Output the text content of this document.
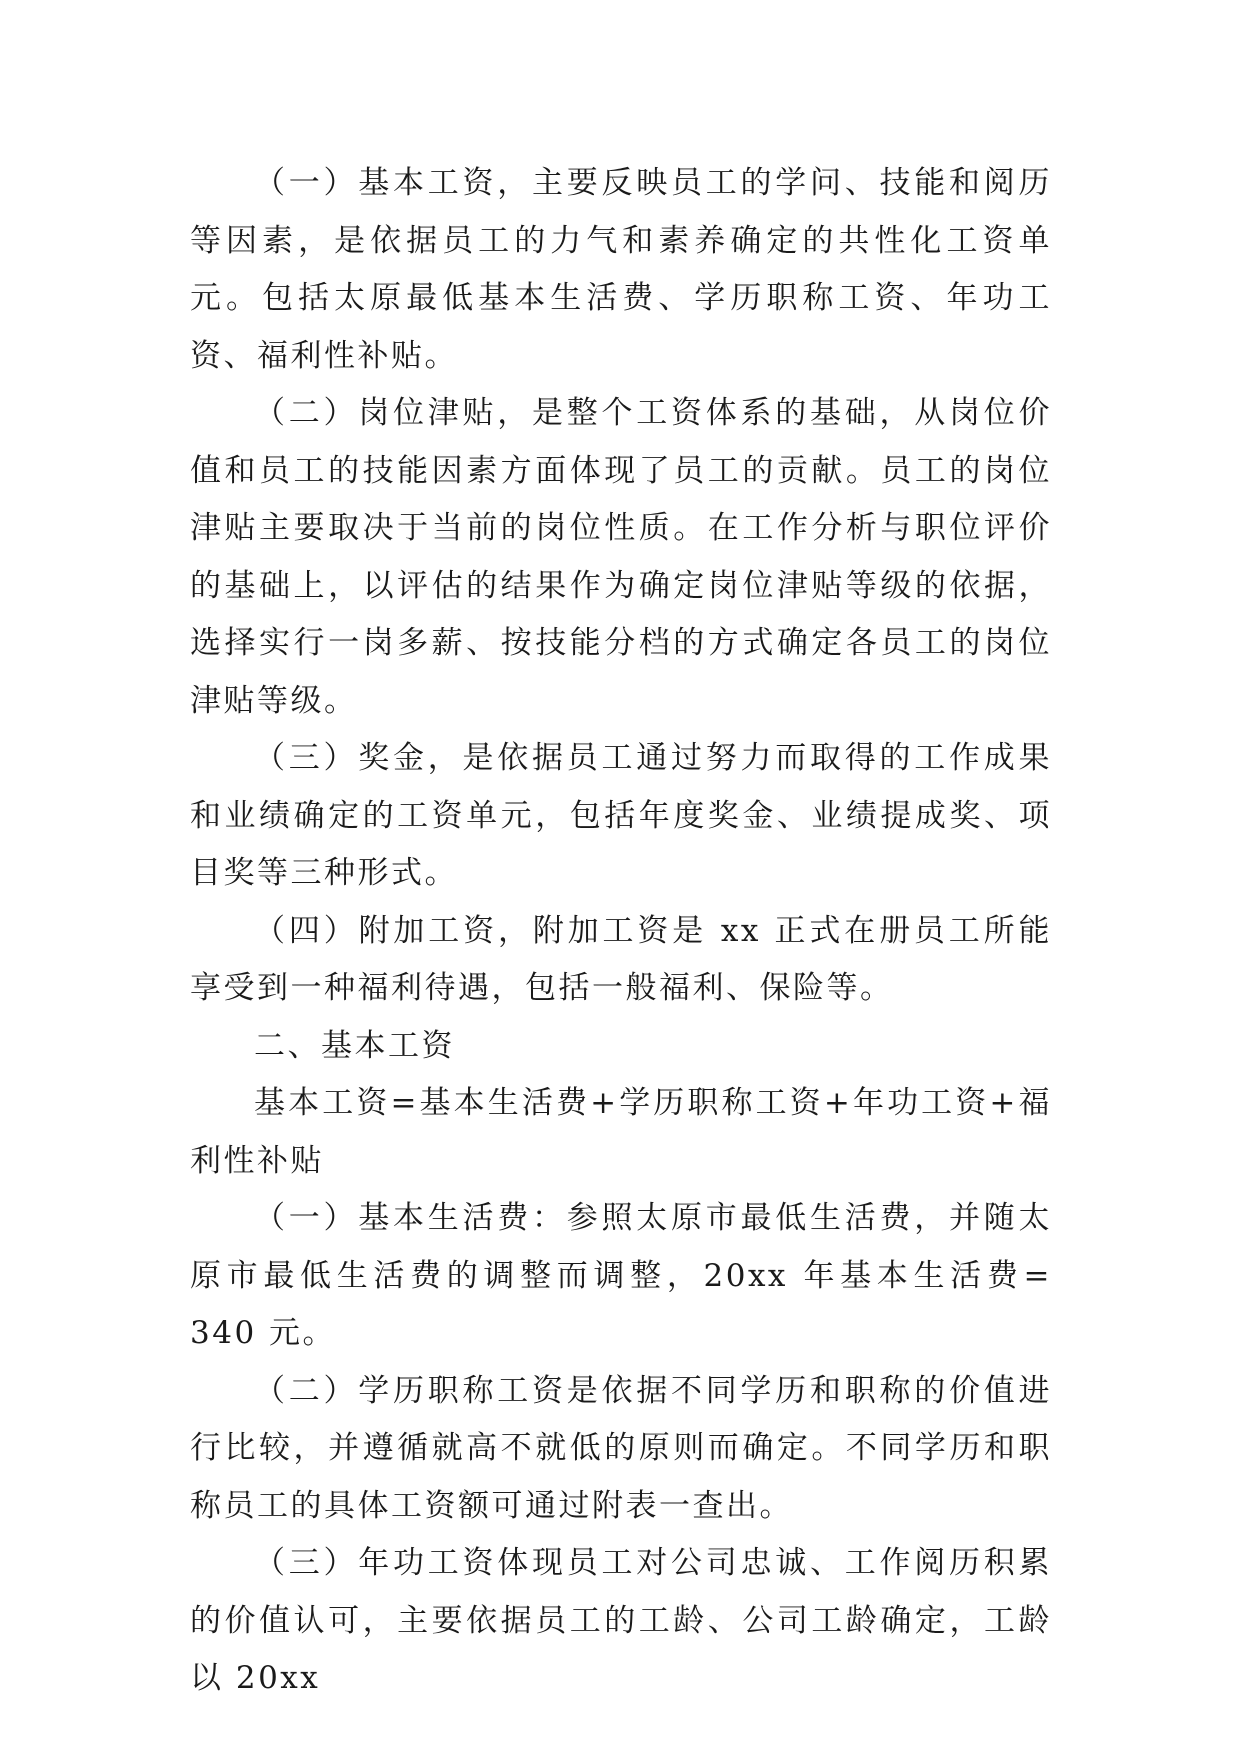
（一）基本工资，主要反映员工的学问、技能和阅历等因素，是依据员工的力气和素养确定的共性化工资单元。包括太原最低基本生活费、学历职称工资、年功工资、福利性补贴。

（二）岗位津贴，是整个工资体系的基础，从岗位价值和员工的技能因素方面体现了员工的贡献。员工的岗位津贴主要取决于当前的岗位性质。在工作分析与职位评价的基础上，以评估的结果作为确定岗位津贴等级的依据，选择实行一岗多薪、按技能分档的方式确定各员工的岗位津贴等级。

（三）奖金，是依据员工通过努力而取得的工作成果和业绩确定的工资单元，包括年度奖金、业绩提成奖、项目奖等三种形式。

（四）附加工资，附加工资是 xx 正式在册员工所能享受到一种福利待遇，包括一般福利、保险等。

二、基本工资

基本工资=基本生活费+学历职称工资+年功工资+福利性补贴

（一）基本生活费：参照太原市最低生活费，并随太原市最低生活费的调整而调整，20xx 年基本生活费= 340 元。

（二）学历职称工资是依据不同学历和职称的价值进行比较，并遵循就高不就低的原则而确定。不同学历和职称员工的具体工资额可通过附表一查出。

（三）年功工资体现员工对公司忠诚、工作阅历积累的价值认可，主要依据员工的工龄、公司工龄确定，工龄以 20xx
